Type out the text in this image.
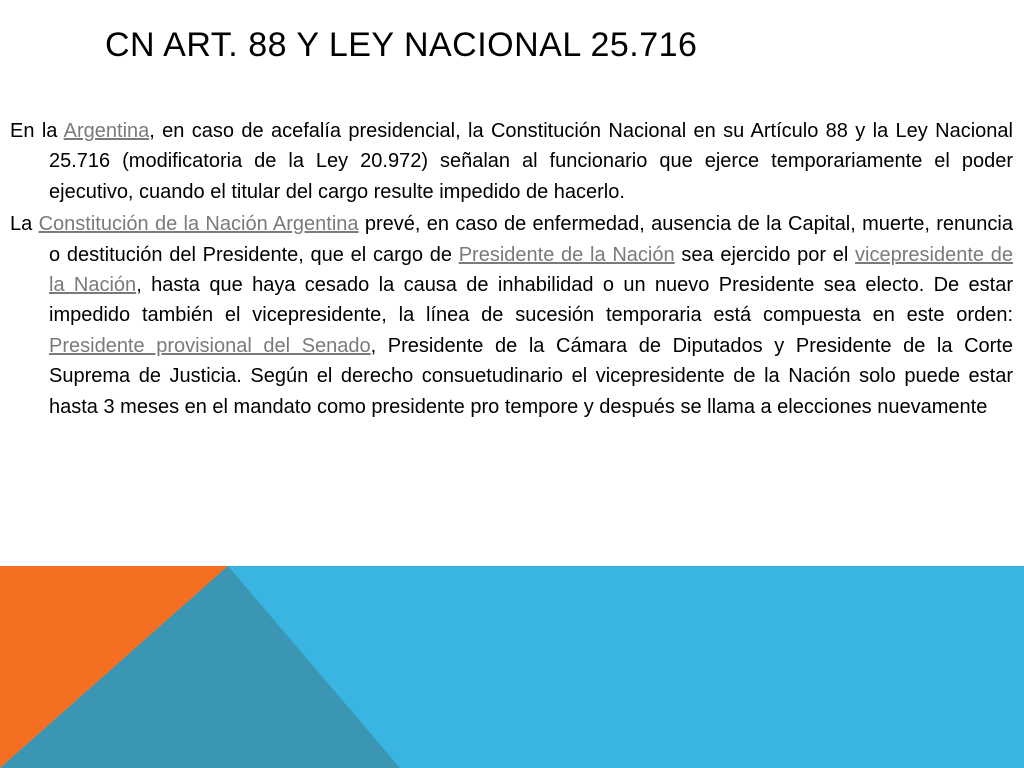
CN ART. 88 Y LEY NACIONAL 25.716

En la Argentina, en caso de acefalía presidencial, la Constitución Nacional en su Artículo 88 y la Ley Nacional 25.716 (modificatoria de la Ley 20.972) señalan al funcionario que ejerce temporariamente el poder ejecutivo, cuando el titular del cargo resulte impedido de hacerlo.

La Constitución de la Nación Argentina prevé, en caso de enfermedad, ausencia de la Capital, muerte, renuncia o destitución del Presidente, que el cargo de Presidente de la Nación sea ejercido por el vicepresidente de la Nación, hasta que haya cesado la causa de inhabilidad o un nuevo Presidente sea electo. De estar impedido también el vicepresidente, la línea de sucesión temporaria está compuesta en este orden: Presidente provisional del Senado, Presidente de la Cámara de Diputados y Presidente de la Corte Suprema de Justicia. Según el derecho consuetudinario el vicepresidente de la Nación solo puede estar hasta 3 meses en el mandato como presidente pro tempore y después se llama a elecciones nuevamente
